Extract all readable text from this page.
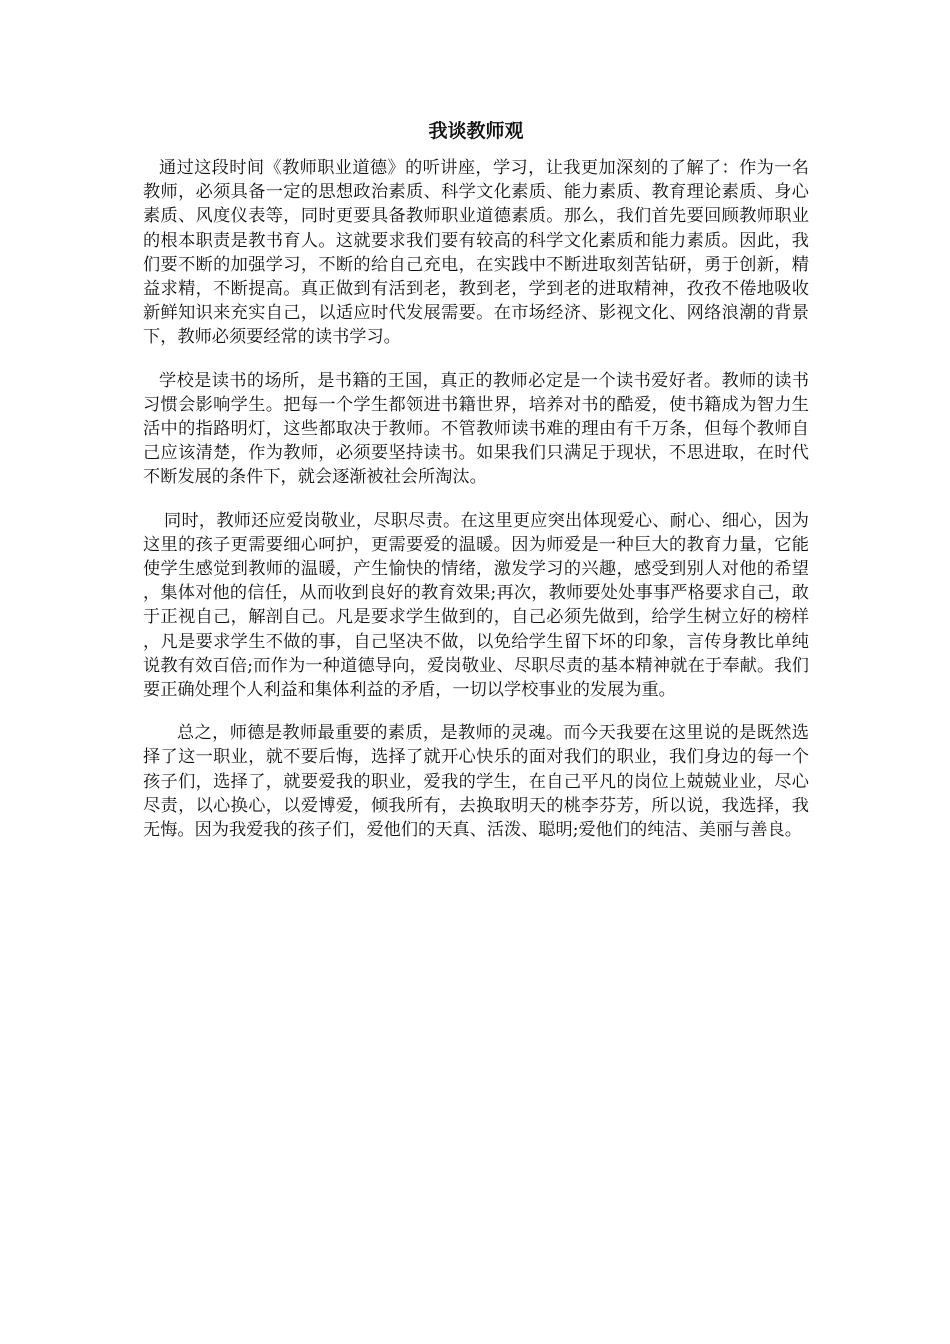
我谈教师观

通过这段时间《教师职业道德》的听讲座，学习，让我更加深刻的了解了：作为一名教师，必须具备一定的思想政治素质、科学文化素质、能力素质、教育理论素质、身心素质、风度仪表等，同时更要具备教师职业道德素质。那么，我们首先要回顾教师职业的根本职责是教书育人。这就要求我们要有较高的科学文化素质和能力素质。因此，我们要不断的加强学习，不断的给自己充电，在实践中不断进取刻苦钻研，勇于创新，精益求精，不断提高。真正做到有活到老，教到老，学到老的进取精神，孜孜不倦地吸收新鲜知识来充实自己，以适应时代发展需要。在市场经济、影视文化、网络浪潮的背景下，教师必须要经常的读书学习。

学校是读书的场所，是书籍的王国，真正的教师必定是一个读书爱好者。教师的读书习惯会影响学生。把每一个学生都领进书籍世界，培养对书的酷爱，使书籍成为智力生活中的指路明灯，这些都取决于教师。不管教师读书难的理由有千万条，但每个教师自己应该清楚，作为教师，必须要坚持读书。如果我们只满足于现状，不思进取，在时代不断发展的条件下，就会逐渐被社会所淘汰。

同时，教师还应爱岗敬业，尽职尽责。在这里更应突出体现爱心、耐心、细心，因为这里的孩子更需要细心呵护，更需要爱的温暖。因为师爱是一种巨大的教育力量，它能使学生感觉到教师的温暖，产生愉快的情绪，激发学习的兴趣，感受到别人对他的希望，集体对他的信任，从而收到良好的教育效果;再次，教师要处处事事严格要求自己，敢于正视自己，解剖自己。凡是要求学生做到的，自己必须先做到，给学生树立好的榜样，凡是要求学生不做的事，自己坚决不做，以免给学生留下坏的印象，言传身教比单纯说教有效百倍;而作为一种道德导向，爱岗敬业、尽职尽责的基本精神就在于奉献。我们要正确处理个人利益和集体利益的矛盾，一切以学校事业的发展为重。

总之，师德是教师最重要的素质，是教师的灵魂。而今天我要在这里说的是既然选择了这一职业，就不要后悔，选择了就开心快乐的面对我们的职业，我们身边的每一个孩子们，选择了，就要爱我的职业，爱我的学生，在自己平凡的岗位上兢兢业业，尽心尽责，以心换心，以爱博爱，倾我所有，去换取明天的桃李芬芳，所以说，我选择，我无悔。因为我爱我的孩子们，爱他们的天真、活泼、聪明;爱他们的纯洁、美丽与善良。
